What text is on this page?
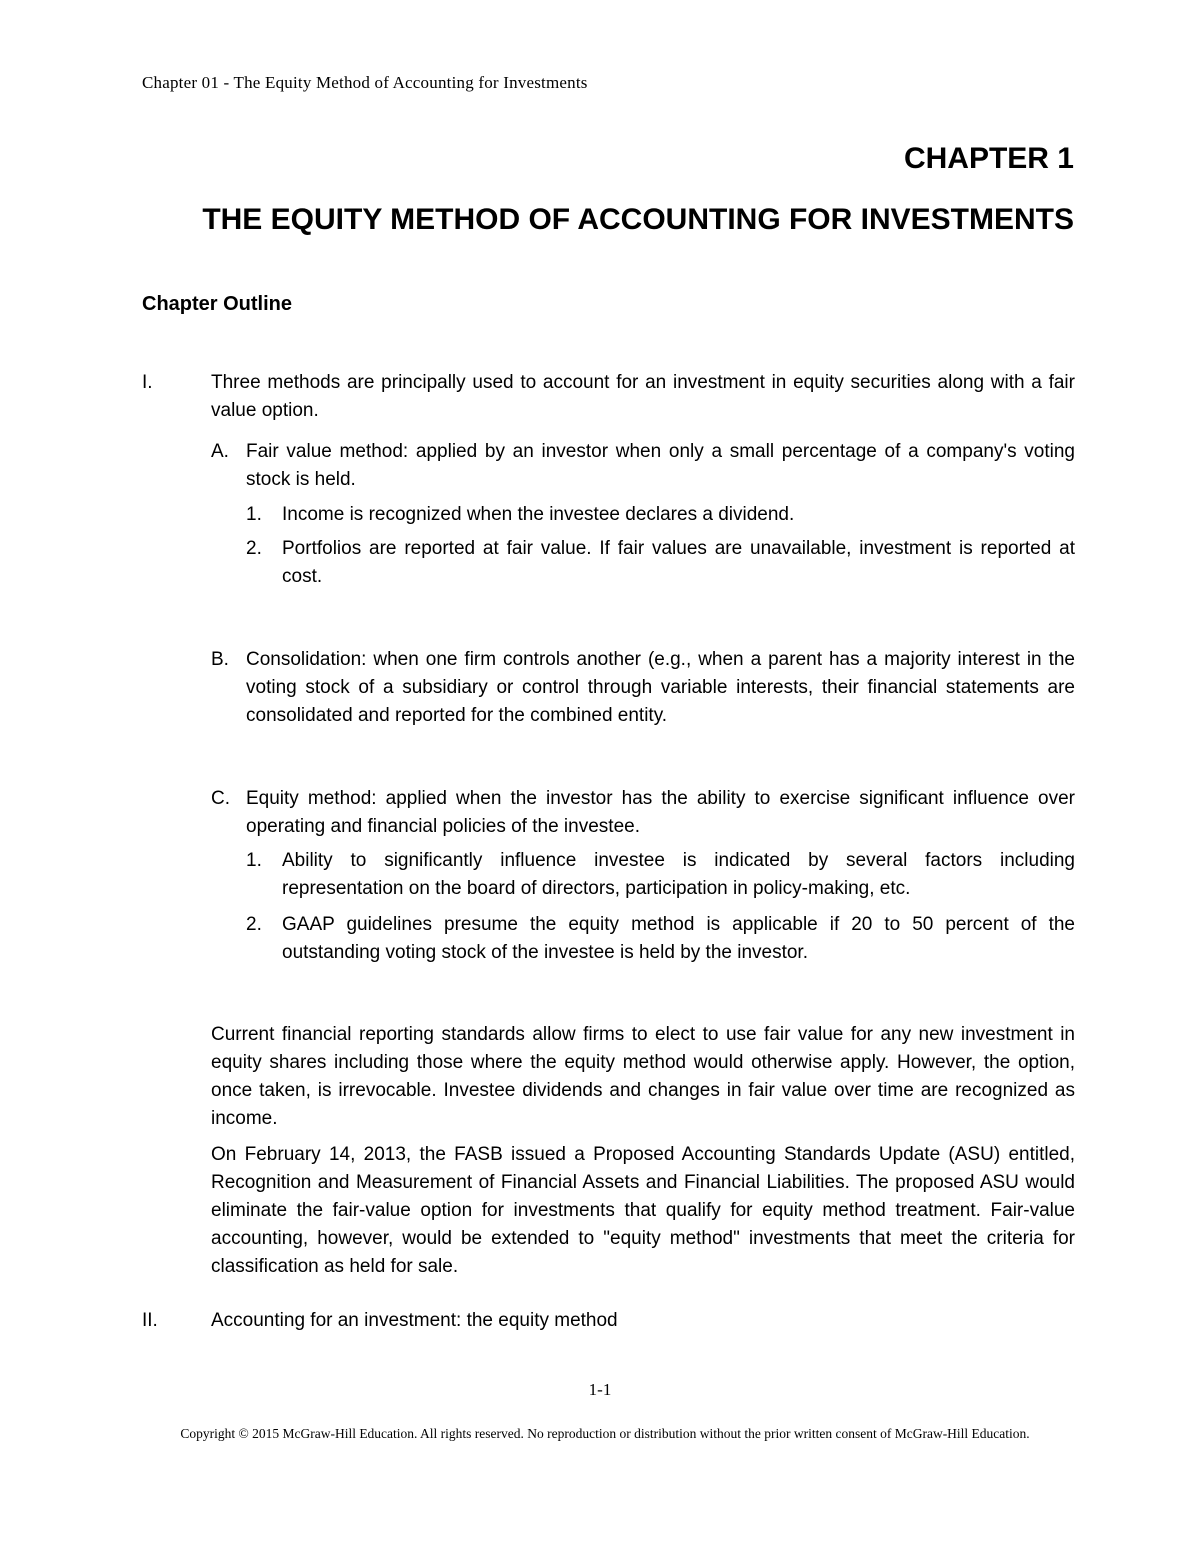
Chapter 01 - The Equity Method of Accounting for Investments
CHAPTER 1
THE EQUITY METHOD OF ACCOUNTING FOR INVESTMENTS
Chapter Outline
I.	Three methods are principally used to account for an investment in equity securities along with a fair value option.
A. Fair value method: applied by an investor when only a small percentage of a company's voting stock is held.
1. Income is recognized when the investee declares a dividend.
2. Portfolios are reported at fair value. If fair values are unavailable, investment is reported at cost.
B. Consolidation: when one firm controls another (e.g., when a parent has a majority interest in the voting stock of a subsidiary or control through variable interests, their financial statements are consolidated and reported for the combined entity.
C. Equity method: applied when the investor has the ability to exercise significant influence over operating and financial policies of the investee.
1. Ability to significantly influence investee is indicated by several factors including representation on the board of directors, participation in policy-making, etc.
2. GAAP guidelines presume the equity method is applicable if 20 to 50 percent of the outstanding voting stock of the investee is held by the investor.
Current financial reporting standards allow firms to elect to use fair value for any new investment in equity shares including those where the equity method would otherwise apply. However, the option, once taken, is irrevocable. Investee dividends and changes in fair value over time are recognized as income.
On February 14, 2013, the FASB issued a Proposed Accounting Standards Update (ASU) entitled, Recognition and Measurement of Financial Assets and Financial Liabilities. The proposed ASU would eliminate the fair-value option for investments that qualify for equity method treatment. Fair-value accounting, however, would be extended to "equity method" investments that meet the criteria for classification as held for sale.
II.	Accounting for an investment: the equity method
1-1
Copyright © 2015 McGraw-Hill Education. All rights reserved. No reproduction or distribution without the prior written consent of McGraw-Hill Education.
